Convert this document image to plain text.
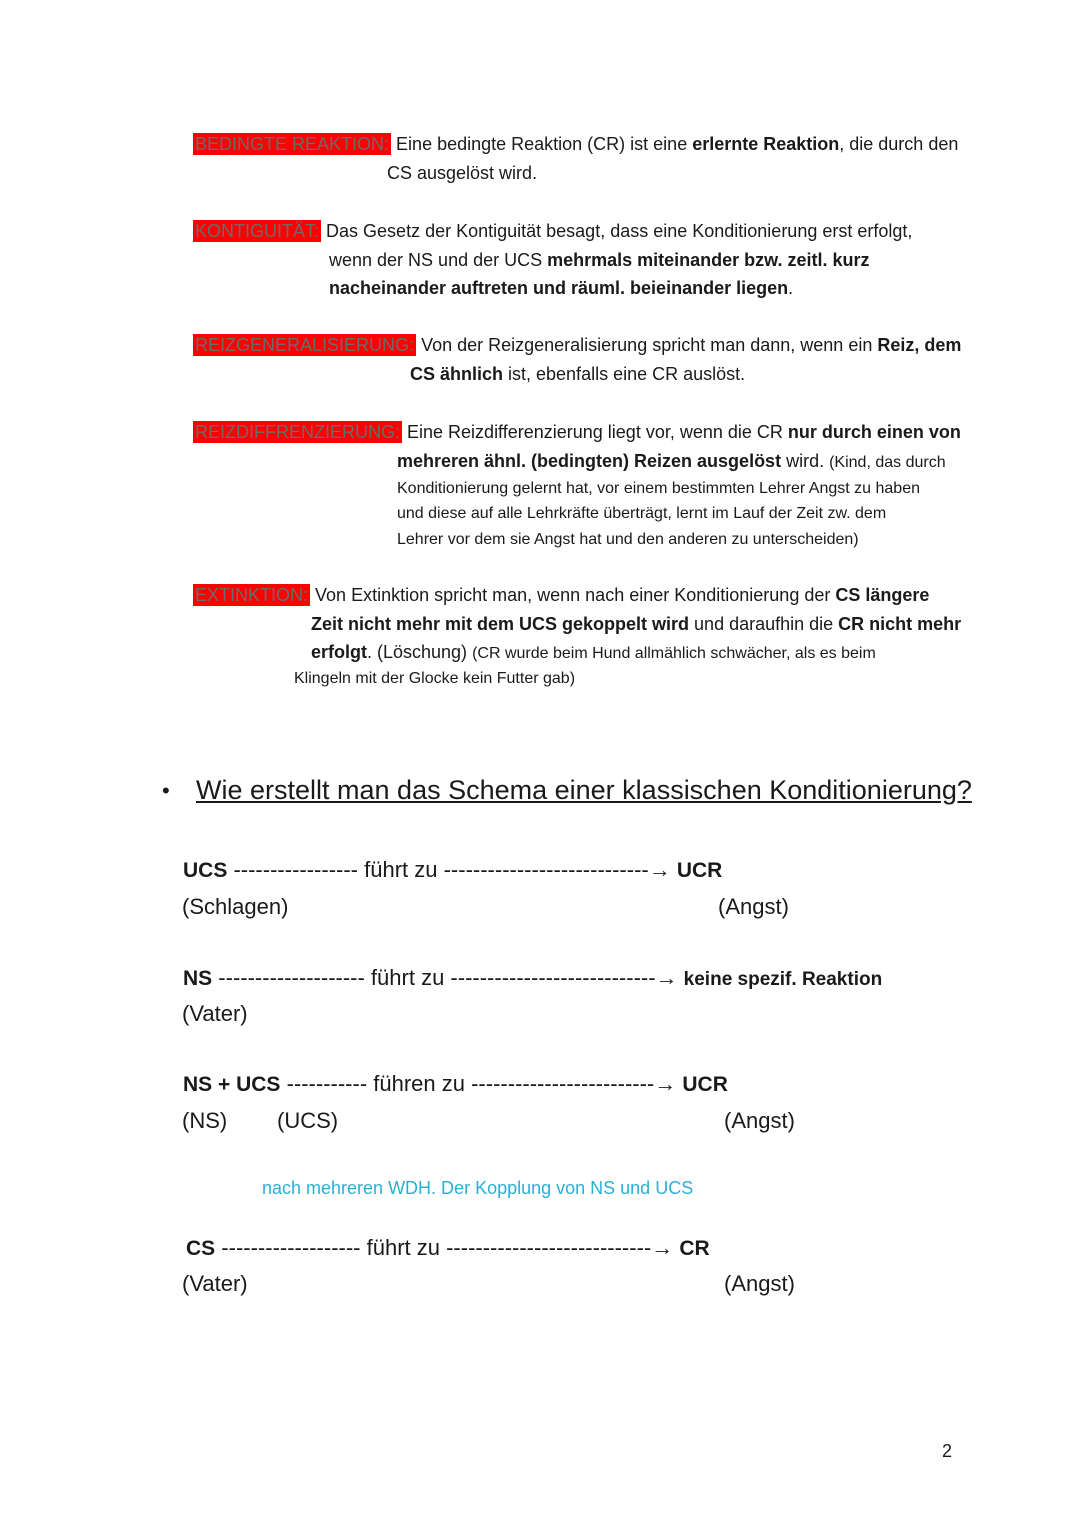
BEDINGTE REAKTION: Eine bedingte Reaktion (CR) ist eine erlernte Reaktion, die durch den
CS ausgelöst wird.
KONTIGUITÄT: Das Gesetz der Kontiguität besagt, dass eine Konditionierung erst erfolgt,
wenn der NS und der UCS mehrmals miteinander bzw. zeitl. kurz
nacheinander auftreten und räuml. beieinander liegen.
REIZGENERALISIERUNG: Von der Reizgeneralisierung spricht man dann, wenn ein Reiz, dem
CS ähnlich ist, ebenfalls eine CR auslöst.
REIZDIFFRENZIERUNG: Eine Reizdifferenzierung liegt vor, wenn die CR nur durch einen von
mehreren ähnl. (bedingten) Reizen ausgelöst wird. (Kind, das durch
Konditionierung gelernt hat, vor einem bestimmten Lehrer Angst zu haben
und diese auf alle Lehrkräfte überträgt, lernt im Lauf der Zeit zw. dem
Lehrer vor dem sie Angst hat und den anderen zu unterscheiden)
EXTINKTION: Von Extinktion spricht man, wenn nach einer Konditionierung der CS längere
Zeit nicht mehr mit dem UCS gekoppelt wird und daraufhin die CR nicht mehr
erfolgt. (Löschung) (CR wurde beim Hund allmählich schwächer, als es beim
Klingeln mit der Glocke kein Futter gab)
• Wie erstellt man das Schema einer klassischen Konditionierung?
UCS ----------------- führt zu ----------------------------→ UCR
(Schlagen)	(Angst)
NS -------------------- führt zu ----------------------------→ keine spezif. Reaktion
(Vater)
NS + UCS ----------- führen zu -------------------------→ UCR
(NS) (UCS)	(Angst)
nach mehreren WDH. Der Kopplung von NS und UCS
CS ------------------- führt zu ----------------------------→ CR
(Vater)	(Angst)
2
